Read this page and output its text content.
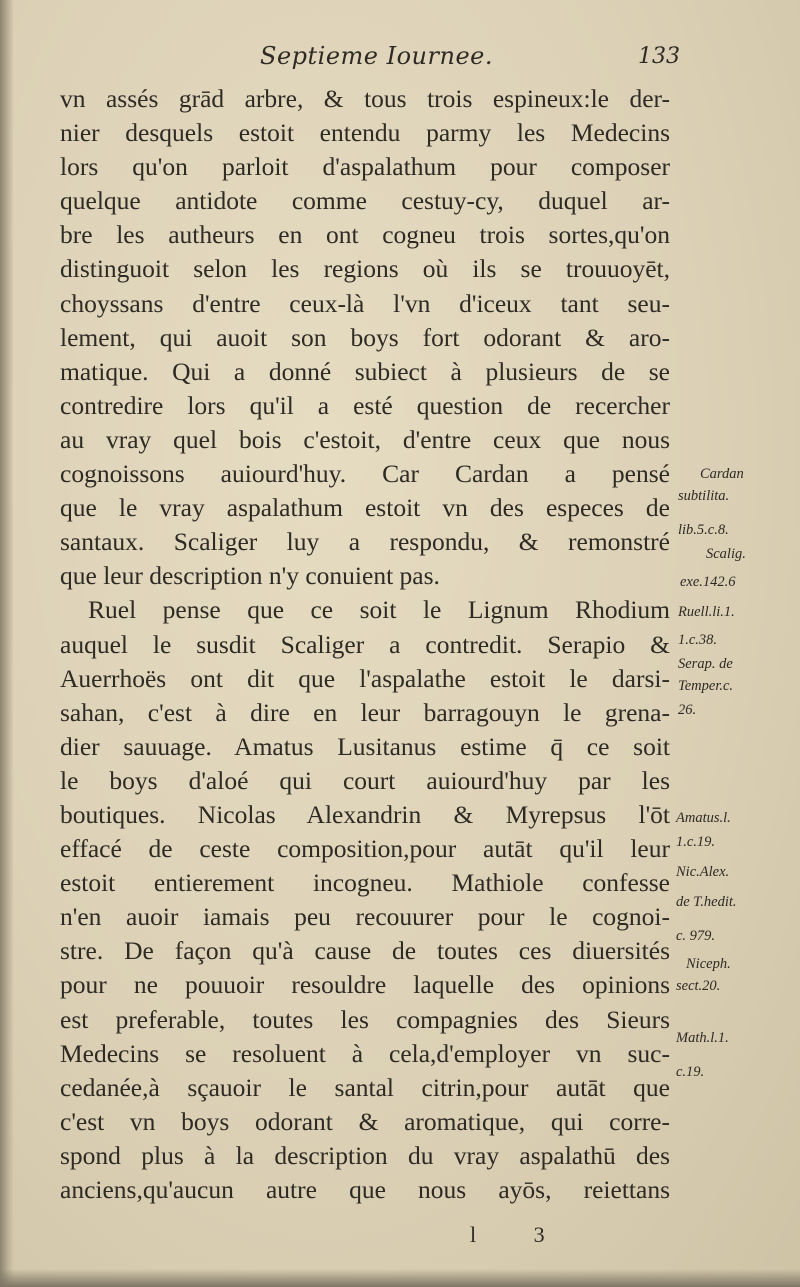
Septieme Iournee.	133
vn assés grād arbre, & tous trois espineux:le der-
nier desquels estoit entendu parmy les Medecins
lors qu'on parloit d'aspalathum pour composer
quelque antidote comme cestuy-cy, duquel ar-
bre les autheurs en ont cogneu trois sortes,qu'on
distinguoit selon les regions où ils se trouuoyēt,
choyssans d'entre ceux-là l'vn d'iceux tant seu-
lement, qui auoit son boys fort odorant & aro-
matique. Qui a donné subiect à plusieurs de se
contredire lors qu'il a esté question de recercher
au vray quel bois c'estoit, d'entre ceux que nous
cognoissons auiourd'huy. Car Cardan a pensé
que le vray aspalathum estoit vn des especes de
santaux. Scaliger luy a respondu, & remonstré
que leur description n'y conuient pas.
Ruel pense que ce soit le Lignum Rhodium
auquel le susdit Scaliger a contredit. Serapio &
Auerrhoës ont dit que l'aspalathe estoit le darsi-
sahan, c'est à dire en leur barragouyn le grena-
dier sauuage. Amatus Lusitanus estime q̄ ce soit
le boys d'aloé qui court auiourd'huy par les
boutiques. Nicolas Alexandrin & Myrepsus l'ōt
effacé de ceste composition,pour autāt qu'il leur
estoit entierement incogneu. Mathiole confesse
n'en auoir iamais peu recouurer pour le cognoi-
stre. De façon qu'à cause de toutes ces diuersités
pour ne pouuoir resouldre laquelle des opinions
est preferable, toutes les compagnies des Sieurs
Medecins se resoluent à cela,d'employer vn suc-
cedanée,à sçauoir le santal citrin,pour autāt que
c'est vn boys odorant & aromatique, qui corre-
spond plus à la description du vray aspalathū des
anciens,qu'aucun autre que nous ayōs, reiettans
Cardan
subtilita.
lib.5.c.8.
Scalig.
exe.142.6
Ruell.li.1.
1.c.38.
Serap. de
Temper.c.
26.
Amatus.l.
1.c.19.
Nic.Alex.
de T.hedit.
c. 979.
Niceph.
sect.20.
Math.l.1.
c.19.
l 3
